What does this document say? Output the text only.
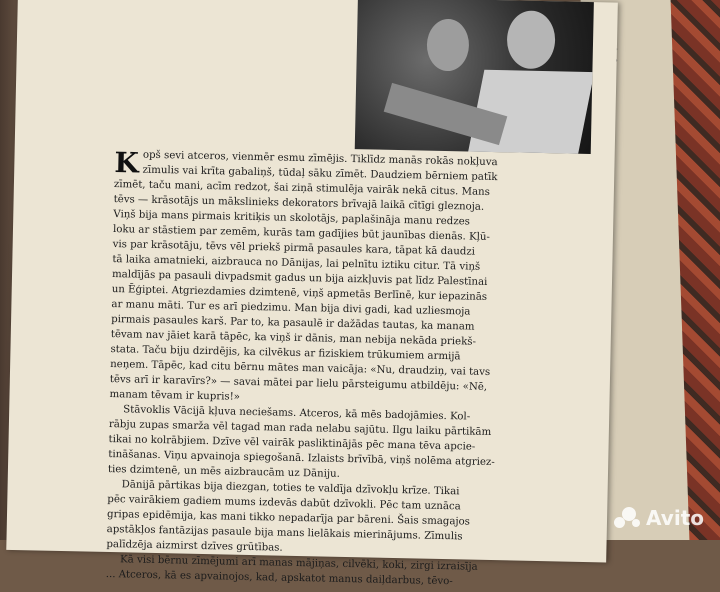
K opš sevi atceros, vienmēr esmu zīmējis. Tiklīdz manās rokās nokļuva
zīmulis vai krīta gabaliņš, tūdaļ sāku zīmēt. Daudziem bērniem patīk
zīmēt, taču mani, acīm redzot, šai ziņā stimulēja vairāk nekā citus. Mans
tēvs — krāsotājs un mākslinieks dekorators brīvajā laikā cītīgi gleznoja.
Viņš bija mans pirmais kritiķis un skolotājs, paplašināja manu redzes
loku ar stāstiem par zemēm, kurās tam gadījies būt jaunības dienās. Kļū-
vis par krāsotāju, tēvs vēl priekš pirmā pasaules kara, tāpat kā daudzi
tā laika amatnieki, aizbrauca no Dānijas, lai pelnītu iztiku citur. Tā viņš
maldījās pa pasauli divpadsmit gadus un bija aizkļuvis pat līdz Palestīnai
un Ēģiptei. Atgriezdamies dzimtenē, viņš apmetās Berlīnē, kur iepazinās
ar manu māti. Tur es arī piedzimu. Man bija divi gadi, kad uzliesmoja
pirmais pasaules karš. Par to, ka pasaulē ir dažādas tautas, ka manam
tēvam nav jāiet karā tāpēc, ka viņš ir dānis, man nebija nekāda priekš-
stata. Taču biju dzirdējis, ka cilvēkus ar fiziskiem trūkumiem armijā
neņem. Tāpēc, kad citu bērnu mātes man vaicāja: «Nu, draudziņ, vai tavs
tēvs arī ir karavīrs?» — savai mātei par lielu pārsteigumu atbildēju: «Nē,
manam tēvam ir kupris!»
Stāvoklis Vācijā kļuva neciešams. Atceros, kā mēs badojāmies. Kol-
rābju zupas smarža vēl tagad man rada nelabu sajūtu. Ilgu laiku pārtikām
tikai no kolrābjiem. Dzīve vēl vairāk pasliktinājās pēc mana tēva apcie-
tināšanas. Viņu apvainoja spiegošanā. Izlaists brīvībā, viņš nolēma atgriez-
ties dzimtenē, un mēs aizbraucām uz Dāniju.
Dānijā pārtikas bija diezgan, toties te valdīja dzīvokļu krīze. Tikai
pēc vairākiem gadiem mums izdevās dabūt dzīvokli. Pēc tam uznāca
gripas epidēmija, kas mani tikko nepadarīja par bāreni. Šais smagajos
apstākļos fantāzijas pasaule bija mans lielākais mierinājums. Zīmulis
palīdzēja aizmirst dzīves grūtības.
Kā visi bērnu zīmējumi arī manas mājiņas, cilvēki, koki, zirgi izraisīja
... Atceros, kā es apvainojos, kad, apskatot manus daiļdarbus, tēvo-
Avito
